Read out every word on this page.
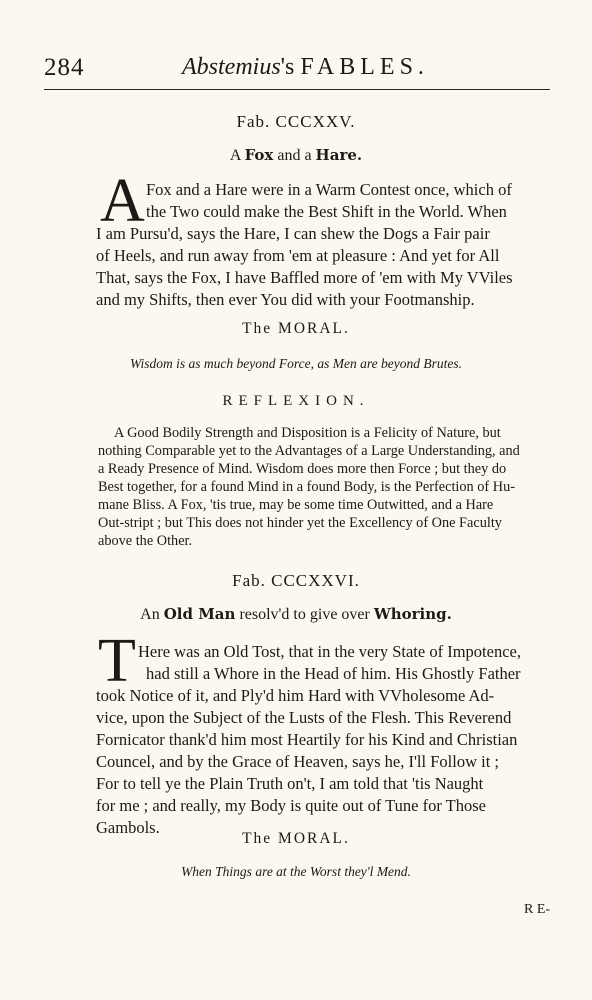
284	Abstemius's FABLES.
Fab. CCCXXV.
A Fox and a Hare.
A Fox and a Hare were in a Warm Contest once, which of
the Two could make the Best Shift in the World. When
I am Pursu'd, says the Hare, I can shew the Dogs a Fair pair
of Heels, and run away from 'em at pleasure : And yet for All
That, says the Fox, I have Baffled more of 'em with My VViles
and my Shifts, then ever You did with your Footmanship.
The MORAL.
Wisdom is as much beyond Force, as Men are beyond Brutes.
REFLEXION.
A Good Bodily Strength and Disposition is a Felicity of Nature, but
nothing Comparable yet to the Advantages of a Large Understanding, and
a Ready Presence of Mind. Wisdom does more then Force ; but they do
Best together, for a found Mind in a found Body, is the Perfection of Hu-
mane Bliss. A Fox, 'tis true, may be some time Outwitted, and a Hare
Out-stript ; but This does not hinder yet the Excellency of One Faculty
above the Other.
Fab. CCCXXVI.
An Old Man resolv'd to give over Whoring.
T Here was an Old Tost, that in the very State of Impotence,
had still a Whore in the Head of him. His Ghostly Father
took Notice of it, and Ply'd him Hard with VVholesome Ad-
vice, upon the Subject of the Lusts of the Flesh. This Reverend
Fornicator thank'd him most Heartily for his Kind and Christian
Councel, and by the Grace of Heaven, says he, I'll Follow it ;
For to tell ye the Plain Truth on't, I am told that 'tis Naught
for me ; and really, my Body is quite out of Tune for Those
Gambols.
The MORAL.
When Things are at the Worst they'l Mend.
R E-
